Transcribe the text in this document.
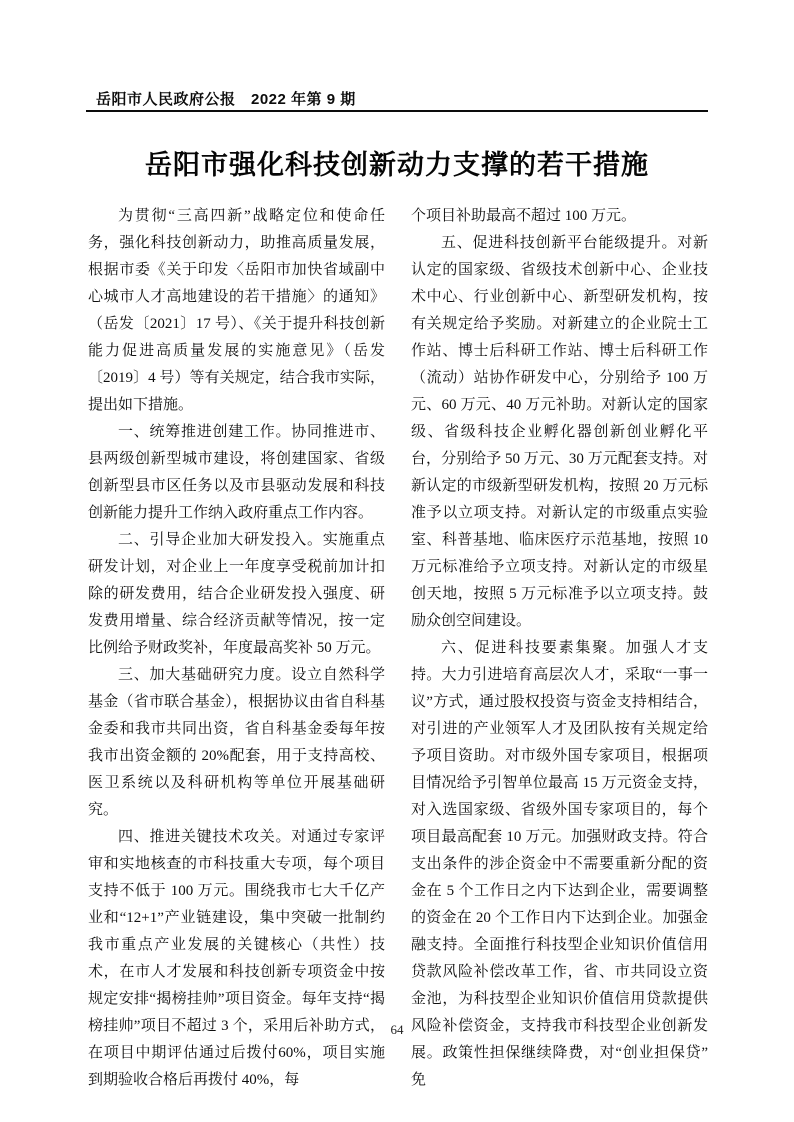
岳阳市人民政府公报　2022 年第 9 期
岳阳市强化科技创新动力支撑的若干措施

为贯彻“三高四新”战略定位和使命任务，强化科技创新动力，助推高质量发展，根据市委《关于印发〈岳阳市加快省域副中心城市人才高地建设的若干措施〉的通知》（岳发〔2021〕17 号）、《关于提升科技创新能力促进高质量发展的实施意见》（岳发〔2019〕4 号）等有关规定，结合我市实际，提出如下措施。

一、统筹推进创建工作。协同推进市、县两级创新型城市建设，将创建国家、省级创新型县市区任务以及市县驱动发展和科技创新能力提升工作纳入政府重点工作内容。

二、引导企业加大研发投入。实施重点研发计划，对企业上一年度享受税前加计扣除的研发费用，结合企业研发投入强度、研发费用增量、综合经济贡献等情况，按一定比例给予财政奖补，年度最高奖补 50 万元。

三、加大基础研究力度。设立自然科学基金（省市联合基金），根据协议由省自科基金委和我市共同出资，省自科基金委每年按我市出资金额的 20%配套，用于支持高校、医卫系统以及科研机构等单位开展基础研究。

四、推进关键技术攻关。对通过专家评审和实地核查的市科技重大专项，每个项目支持不低于 100 万元。围绕我市七大千亿产业和“12+1”产业链建设，集中突破一批制约我市重点产业发展的关键核心（共性）技术，在市人才发展和科技创新专项资金中按规定安排“揭榜挂帅”项目资金。每年支持“揭榜挂帅”项目不超过 3 个，采用后补助方式，在项目中期评估通过后拨付60%，项目实施到期验收合格后再拨付 40%，每

个项目补助最高不超过 100 万元。

五、促进科技创新平台能级提升。对新认定的国家级、省级技术创新中心、企业技术中心、行业创新中心、新型研发机构，按有关规定给予奖励。对新建立的企业院士工作站、博士后科研工作站、博士后科研工作（流动）站协作研发中心，分别给予 100 万元、60 万元、40 万元补助。对新认定的国家级、省级科技企业孵化器创新创业孵化平台，分别给予 50 万元、30 万元配套支持。对新认定的市级新型研发机构，按照 20 万元标准予以立项支持。对新认定的市级重点实验室、科普基地、临床医疗示范基地，按照 10 万元标准给予立项支持。对新认定的市级星创天地，按照 5 万元标准予以立项支持。鼓励众创空间建设。

六、促进科技要素集聚。加强人才支持。大力引进培育高层次人才，采取“一事一议”方式，通过股权投资与资金支持相结合，对引进的产业领军人才及团队按有关规定给予项目资助。对市级外国专家项目，根据项目情况给予引智单位最高 15 万元资金支持，对入选国家级、省级外国专家项目的，每个项目最高配套 10 万元。加强财政支持。符合支出条件的涉企资金中不需要重新分配的资金在 5 个工作日之内下达到企业，需要调整的资金在 20 个工作日内下达到企业。加强金融支持。全面推行科技型企业知识价值信用贷款风险补偿改革工作，省、市共同设立资金池，为科技型企业知识价值信用贷款提供风险补偿资金，支持我市科技型企业创新发展。政策性担保继续降费，对“创业担保贷”免

64
